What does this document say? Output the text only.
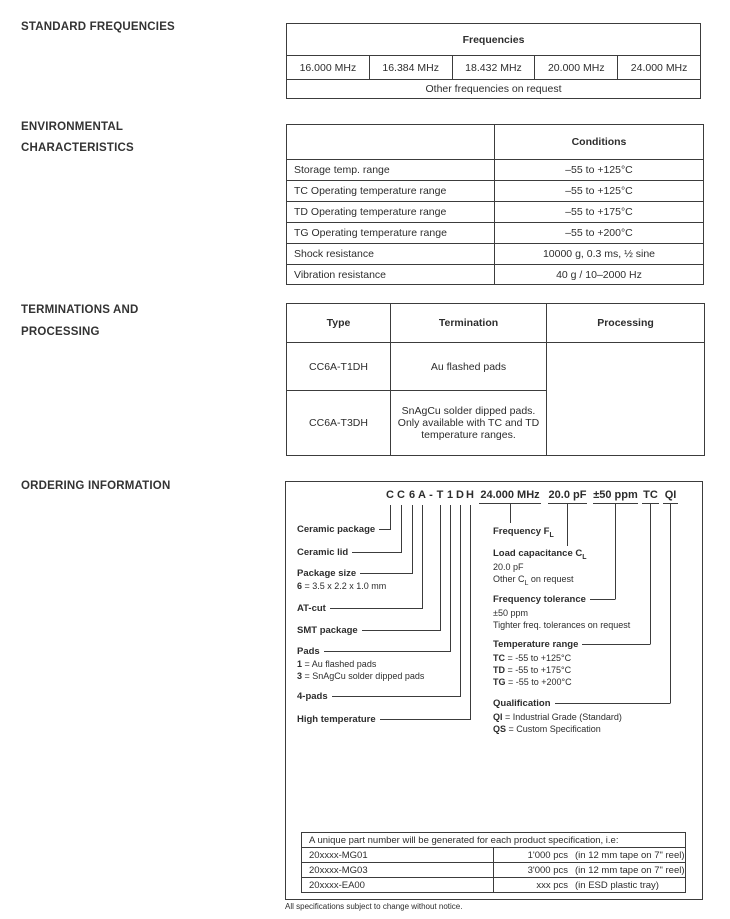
STANDARD FREQUENCIES
ENVIRONMENTAL
CHARACTERISTICS
TERMINATIONS AND
PROCESSING
ORDERING INFORMATION
Frequencies
16.000 MHz	16.384 MHz	18.432 MHz	20.000 MHz	24.000 MHz
Other frequencies on request
	Conditions
Storage temp. range	–55 to +125°C
TC Operating temperature range	–55 to +125°C
TD Operating temperature range	–55 to +175°C
TG Operating temperature range	–55 to +200°C
Shock resistance	10000 g, 0.3 ms, ½ sine
Vibration resistance	40 g / 10–2000 Hz
Type	Termination	Processing
CC6A-T1DH	Au flashed pads	

CC6A-T3DH	SnAgCu solder dipped pads.
Only available with TC and TD temperature ranges.	
C C 6 A - T 1 D H 24.000 MHz 20.0 pF ±50 ppm TC QI
Ceramic package
Ceramic lid
Package size
6 = 3.5 x 2.2 x 1.0 mm
AT-cut
SMT package
Pads
1 = Au flashed pads
3 = SnAgCu solder dipped pads
4-pads
High temperature
Frequency $F_L$
Load capacitance $C_L$
20.0 pF
Other $C_L$ on request
Frequency tolerance
±50 ppm
Tighter freq. tolerances on request
Temperature range
TC = -55 to +125°C
TD = -55 to +175°C
TG = -55 to +200°C
Qualification
QI = Industrial Grade (Standard)
QS = Custom Specification
A unique part number will be generated for each product specification, i.e:	
20xxxx-MG01	1'000 pcs (in 12 mm tape on 7" reel)
20xxxx-MG03	3'000 pcs (in 12 mm tape on 7" reel)
20xxxx-EA00	xxx pcs (in ESD plastic tray)
All specifications subject to change without notice.
